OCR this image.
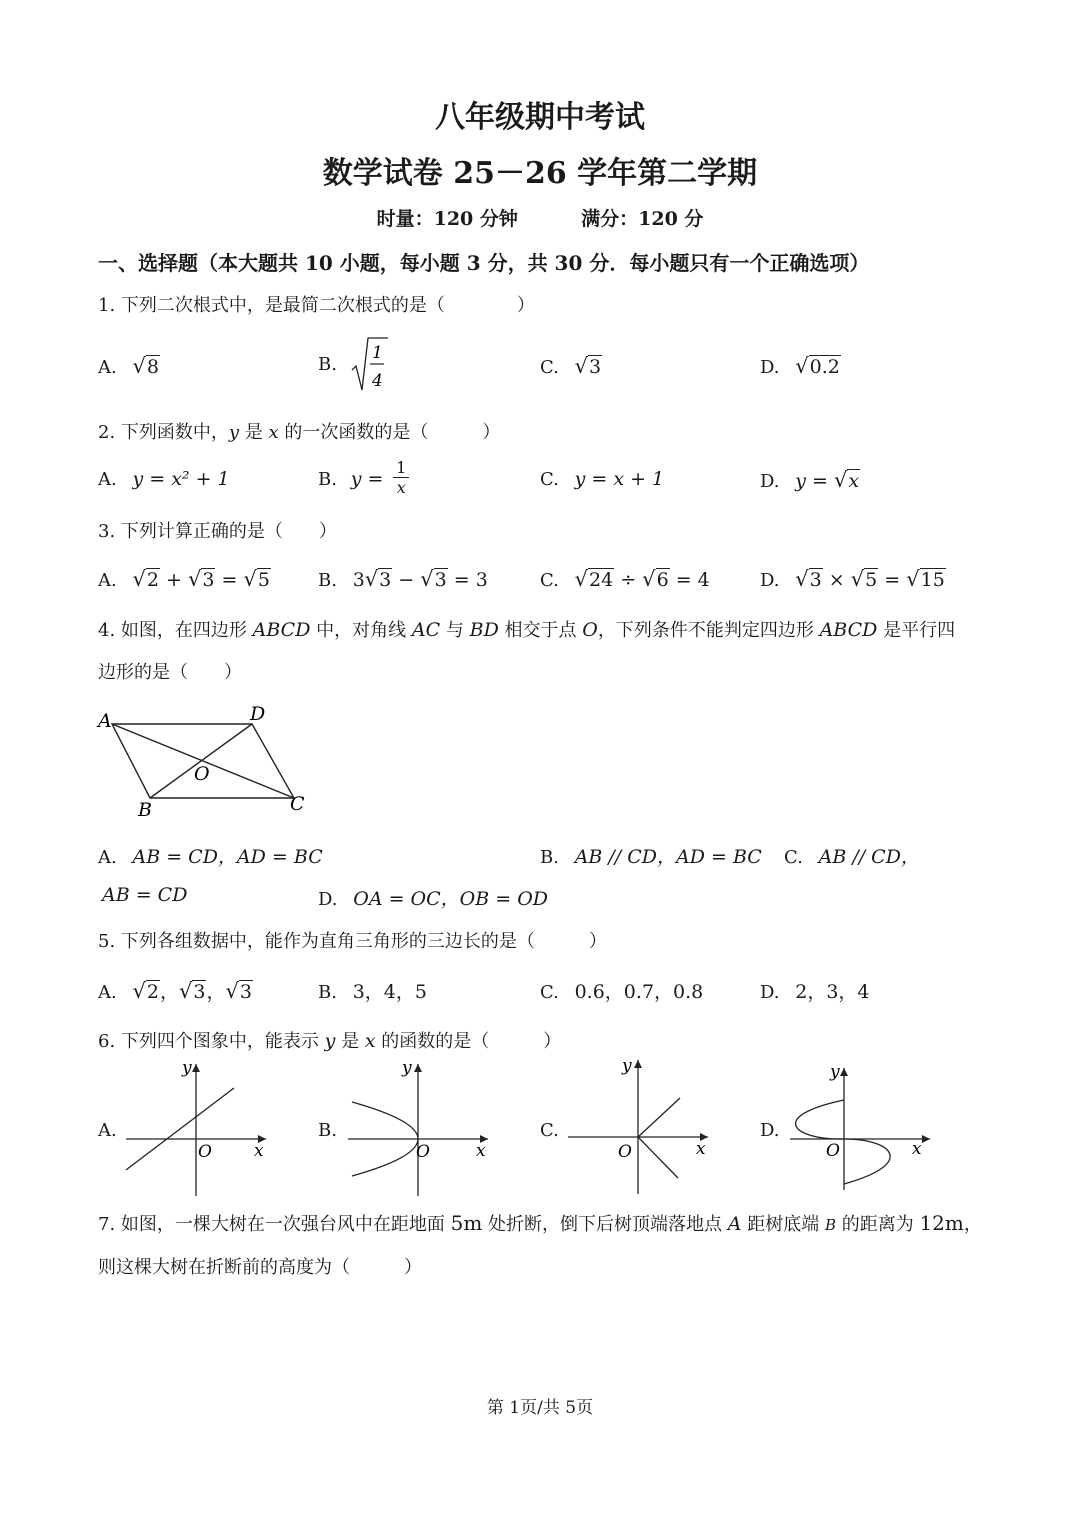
八年级期中考试
数学试卷 25－26 学年第二学期
时量：120 分钟	满分：120 分
一、选择题（本大题共 10 小题，每小题 3 分，共 30 分．每小题只有一个正确选项）
1. 下列二次根式中，是最简二次根式的是（　　　　）
A. √8	B.
1
4
C. √3	D. √0.2
2. 下列函数中，y 是 x 的一次函数的是（　　　）
A. y = x² + 1	B. $y = \frac{1}{x}$	C. y = x + 1	D. y = √x
3. 下列计算正确的是（　　）
A. √2 + √3 = √5	B. 3√3 − √3 = 3	C. √24 ÷ √6 = 4	D. √3 × √5 = √15
4. 如图，在四边形 ABCD 中，对角线 AC 与 BD 相交于点 O，下列条件不能判定四边形 ABCD 是平行四
边形的是（　　）
A	D
B	C
O
A. AB = CD，AD = BC	B. AB // CD，AD = BC C. AB // CD，
AB = CD	D. OA = OC，OB = OD
5. 下列各组数据中，能作为直角三角形的三边长的是（　　　）
A. √2，√3，√3	B. 3，4，5	C. 0.6，0.7，0.8	D. 2，3，4
6. 下列四个图象中，能表示 y 是 x 的函数的是（　　　）
A.
x
y
O
B.
x
y
O
C.
x
y
O
D.
x
y
O
7. 如图，一棵大树在一次强台风中在距地面 5m 处折断，倒下后树顶端落地点 A 距树底端 B 的距离为 12m，
则这棵大树在折断前的高度为（　　　）
第 1页/共 5页
